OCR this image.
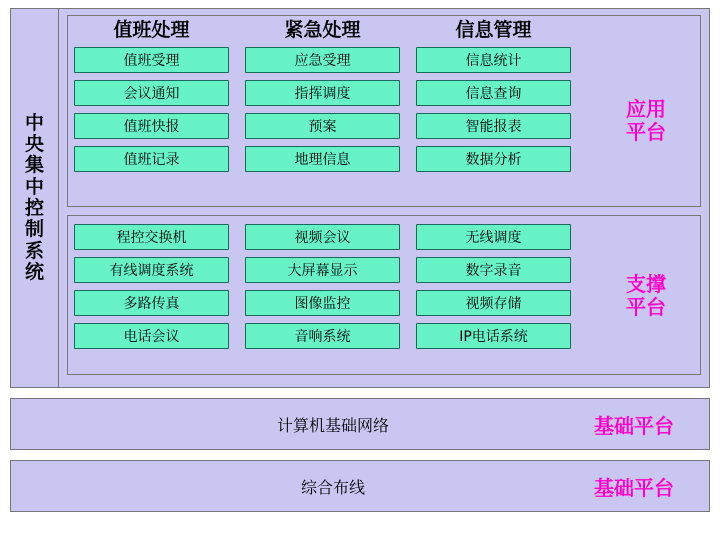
中央集中控制系统
值班处理
值班受理
会议通知
值班快报
值班记录
紧急处理
应急受理
指挥调度
预案
地理信息
信息管理
信息统计
信息查询
智能报表
数据分析
应用
平台
程控交换机
有线调度系统
多路传真
电话会议
视频会议
大屏幕显示
图像监控
音响系统
无线调度
数字录音
视频存储
IP电话系统
支撑
平台
计算机基础网络	基础平台
综合布线	基础平台
